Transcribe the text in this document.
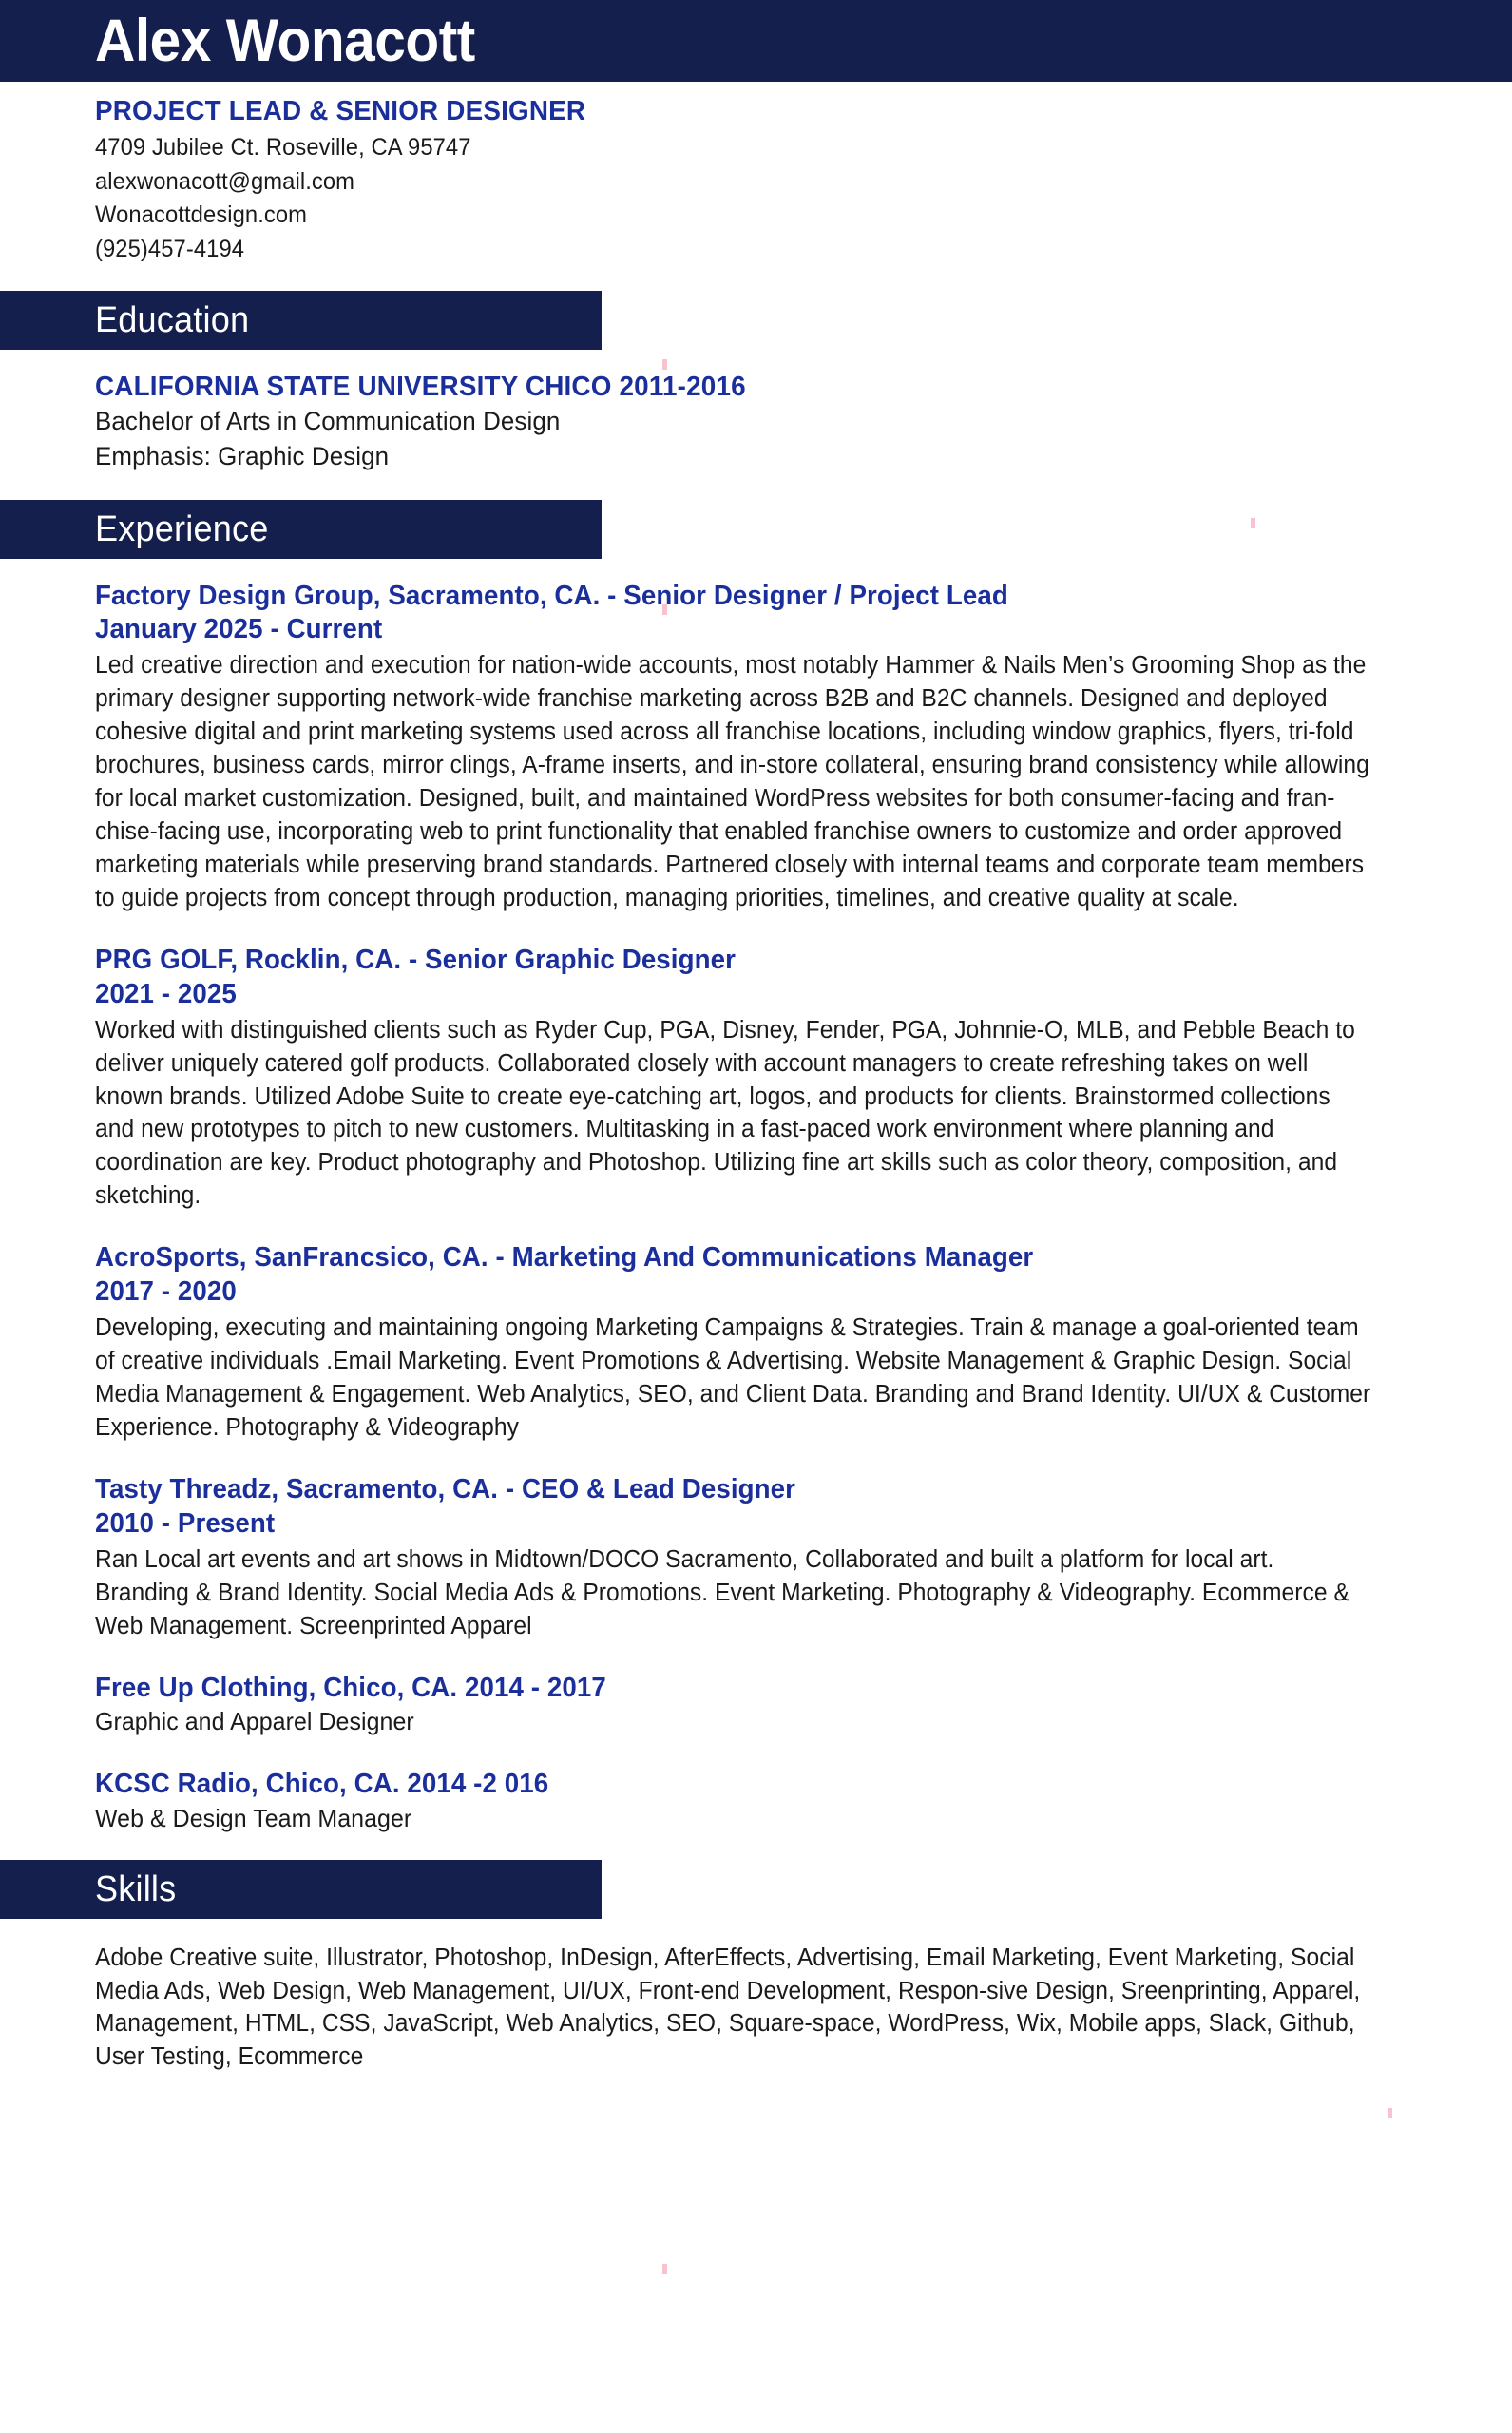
Alex Wonacott
PROJECT LEAD & SENIOR DESIGNER
4709 Jubilee Ct. Roseville, CA 95747
alexwonacott@gmail.com
Wonacottdesign.com
(925)457-4194
Education
CALIFORNIA STATE UNIVERSITY CHICO 2011-2016
Bachelor of Arts in Communication Design
Emphasis: Graphic Design
Experience
Factory Design Group, Sacramento, CA. - Senior Designer / Project Lead
January 2025 - Current
Led creative direction and execution for nation-wide accounts, most notably Hammer & Nails Men’s Grooming Shop as the primary designer supporting network-wide franchise marketing across B2B and B2C channels. Designed and deployed cohesive digital and print marketing systems used across all franchise locations, including window graphics, flyers, tri-fold brochures, business cards, mirror clings, A-frame inserts, and in-store collateral, ensuring brand consistency while allowing for local market customization. Designed, built, and maintained WordPress websites for both consumer-facing and fran-chise-facing use, incorporating web to print functionality that enabled franchise owners to customize and order approved marketing materials while preserving brand standards. Partnered closely with internal teams and corporate team members to guide projects from concept through production, managing priorities, timelines, and creative quality at scale.
PRG GOLF, Rocklin, CA. - Senior Graphic Designer
2021 - 2025
Worked with distinguished clients such as Ryder Cup, PGA, Disney, Fender, PGA, Johnnie-O, MLB, and Pebble Beach to deliver uniquely catered golf products. Collaborated closely with account managers to create refreshing takes on well known brands. Utilized Adobe Suite to create eye-catching art, logos, and products for clients. Brainstormed collections and new prototypes to pitch to new customers. Multitasking in a fast-paced work environment where planning and coordination are key. Product photography and Photoshop. Utilizing fine art skills such as color theory, composition, and sketching.
AcroSports, SanFrancsico, CA. - Marketing And Communications Manager
2017 - 2020
Developing, executing and maintaining ongoing Marketing Campaigns & Strategies. Train & manage a goal-oriented team of creative individuals .Email Marketing. Event Promotions & Advertising. Website Management & Graphic Design. Social Media Management & Engagement. Web Analytics, SEO, and Client Data. Branding and Brand Identity. UI/UX & Customer Experience. Photography & Videography
Tasty Threadz, Sacramento, CA. - CEO & Lead Designer
2010 - Present
Ran Local art events and art shows in Midtown/DOCO Sacramento, Collaborated and built a platform for local art. Branding & Brand Identity. Social Media Ads & Promotions. Event Marketing. Photography & Videography. Ecommerce & Web Management. Screenprinted Apparel
Free Up Clothing, Chico, CA. 2014 - 2017
Graphic and Apparel Designer
KCSC Radio, Chico, CA. 2014 -2 016
Web & Design Team Manager
Skills
Adobe Creative suite, Illustrator, Photoshop, InDesign, AfterEffects, Advertising, Email Marketing, Event Marketing, Social Media Ads, Web Design, Web Management, UI/UX, Front-end Development, Respon-sive Design, Sreenprinting, Apparel, Management, HTML, CSS, JavaScript, Web Analytics, SEO, Square-space, WordPress, Wix, Mobile apps, Slack, Github, User Testing, Ecommerce
